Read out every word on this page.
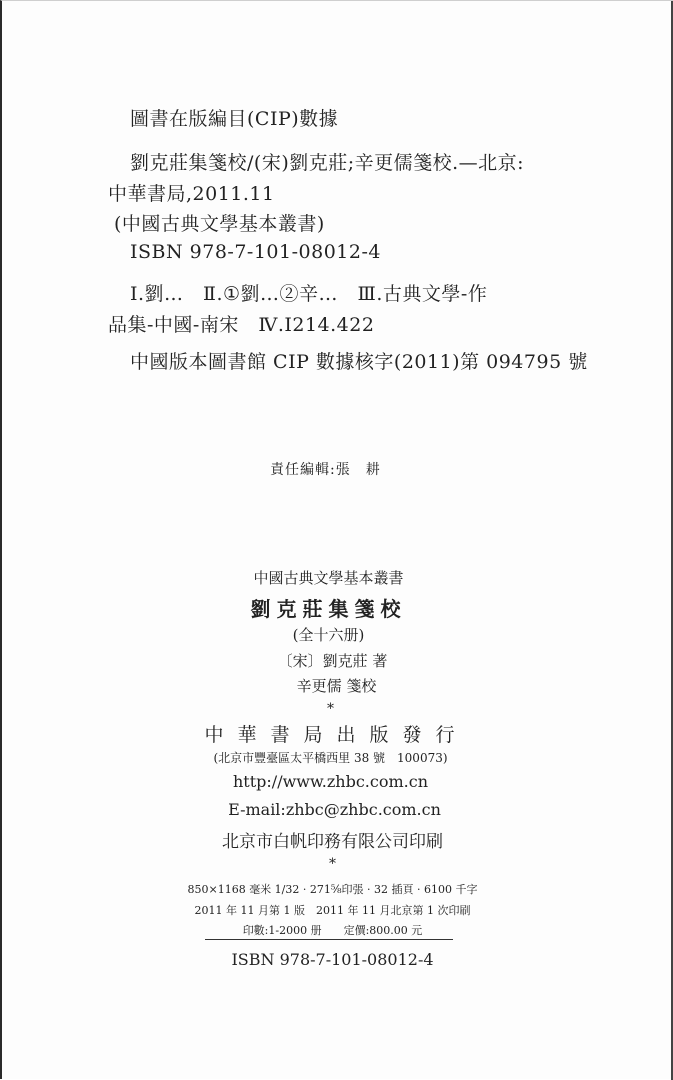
圖書在版編目(CIP)數據
劉克莊集箋校/(宋)劉克莊;辛更儒箋校.—北京:
中華書局,2011.11
(中國古典文學基本叢書)
ISBN 978-7-101-08012-4
Ⅰ.劉…　Ⅱ.①劉…②辛…　Ⅲ.古典文學-作
品集-中國-南宋　Ⅳ.I214.422
中國版本圖書館 CIP 數據核字(2011)第 094795 號
責任編輯:張　耕
中國古典文學基本叢書
劉克莊集箋校
(全十六册)
〔宋〕劉克莊 著
辛更儒 箋校
*
中華書局出版發行
(北京市豐臺區太平橋西里 38 號　100073)
http://www.zhbc.com.cn
E-mail:zhbc@zhbc.com.cn
北京市白帆印務有限公司印刷
*
850×1168 毫米 1/32 · 271⅝印張 · 32 插頁 · 6100 千字
2011 年 11 月第 1 版　2011 年 11 月北京第 1 次印刷
印數:1-2000 册　　定價:800.00 元
ISBN 978-7-101-08012-4
